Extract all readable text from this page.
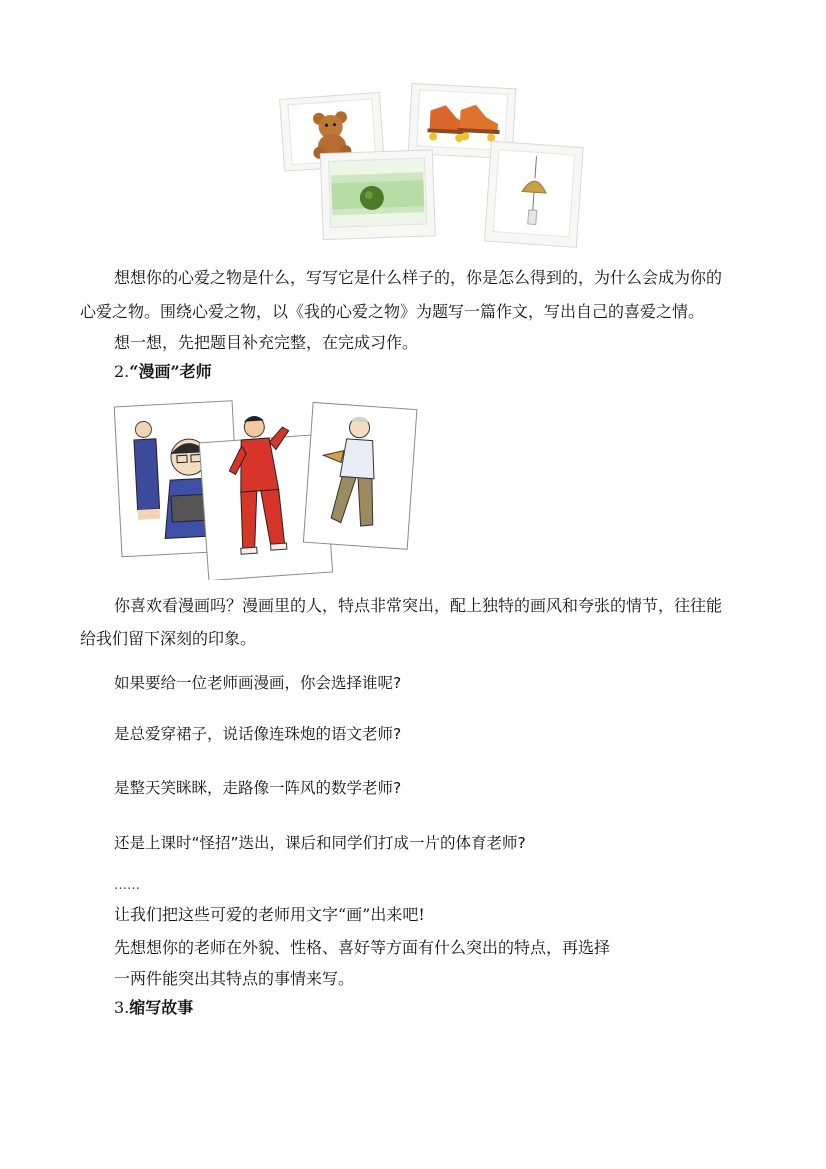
想想你的心爱之物是什么，写写它是什么样子的，你是怎么得到的，为什么会成为你的
心爱之物。围绕心爱之物，以《我的心爱之物》为题写一篇作文，写出自己的喜爱之情。
想一想，先把题目补充完整，在完成习作。
2.“漫画”老师
你喜欢看漫画吗？漫画里的人，特点非常突出，配上独特的画风和夸张的情节，往往能
给我们留下深刻的印象。
如果要给一位老师画漫画，你会选择谁呢?
是总爱穿裙子，说话像连珠炮的语文老师?
是整天笑眯眯，走路像一阵风的数学老师?
还是上课时“怪招”迭出，课后和同学们打成一片的体育老师?
……
让我们把这些可爱的老师用文字“画”出来吧!
先想想你的老师在外貌、性格、喜好等方面有什么突出的特点，再选择
一两件能突出其特点的事情来写。
3.缩写故事
